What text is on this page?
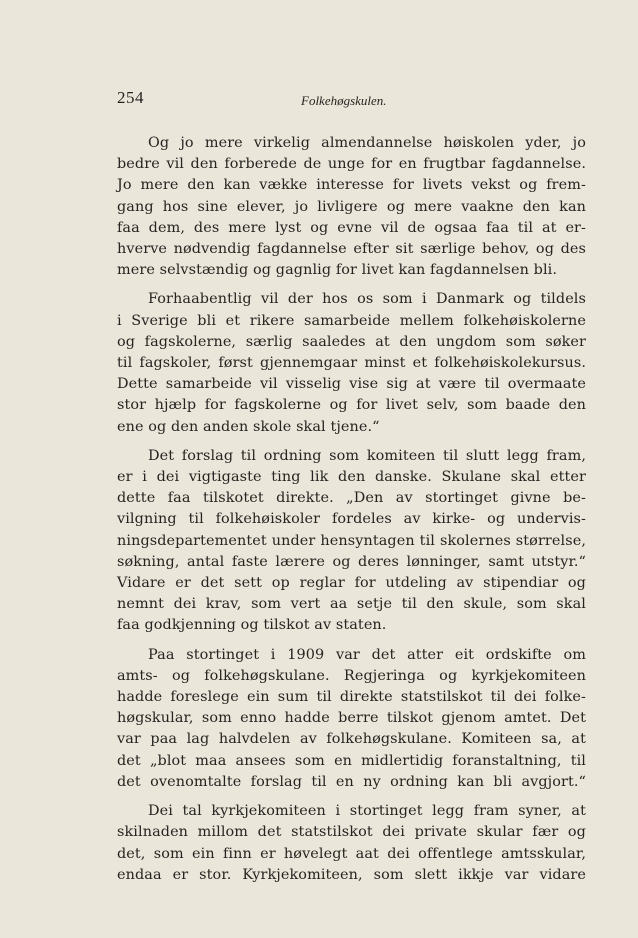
254	Folkehøgskulen.

Og jo mere virkelig almendannelse høiskolen yder, jo
bedre vil den forberede de unge for en frugtbar fagdannelse.
Jo mere den kan vække interesse for livets vekst og frem-
gang hos sine elever, jo livligere og mere vaakne den kan
faa dem, des mere lyst og evne vil de ogsaa faa til at er-
hverve nødvendig fagdannelse efter sit særlige behov, og des
mere selvstændig og gagnlig for livet kan fagdannelsen bli.

Forhaabentlig vil der hos os som i Danmark og tildels
i Sverige bli et rikere samarbeide mellem folkehøiskolerne
og fagskolerne, særlig saaledes at den ungdom som søker
til fagskoler, først gjennemgaar minst et folkehøiskolekursus.
Dette samarbeide vil visselig vise sig at være til overmaate
stor hjælp for fagskolerne og for livet selv, som baade den
ene og den anden skole skal tjene.“

Det forslag til ordning som komiteen til slutt legg fram,
er i dei vigtigaste ting lik den danske. Skulane skal etter
dette faa tilskotet direkte. „Den av stortinget givne be-
vilgning til folkehøiskoler fordeles av kirke- og undervis-
ningsdepartementet under hensyntagen til skolernes størrelse,
søkning, antal faste lærere og deres lønninger, samt utstyr.“
Vidare er det sett op reglar for utdeling av stipendiar og
nemnt dei krav, som vert aa setje til den skule, som skal
faa godkjenning og tilskot av staten.

Paa stortinget i 1909 var det atter eit ordskifte om
amts- og folkehøgskulane. Regjeringa og kyrkjekomiteen
hadde foreslege ein sum til direkte statstilskot til dei folke-
høgskular, som enno hadde berre tilskot gjenom amtet. Det
var paa lag halvdelen av folkehøgskulane. Komiteen sa, at
det „blot maa ansees som en midlertidig foranstaltning, til
det ovenomtalte forslag til en ny ordning kan bli avgjort.“

Dei tal kyrkjekomiteen i stortinget legg fram syner, at
skilnaden millom det statstilskot dei private skular fær og
det, som ein finn er høvelegt aat dei offentlege amtsskular,
endaa er stor. Kyrkjekomiteen, som slett ikkje var vidare
